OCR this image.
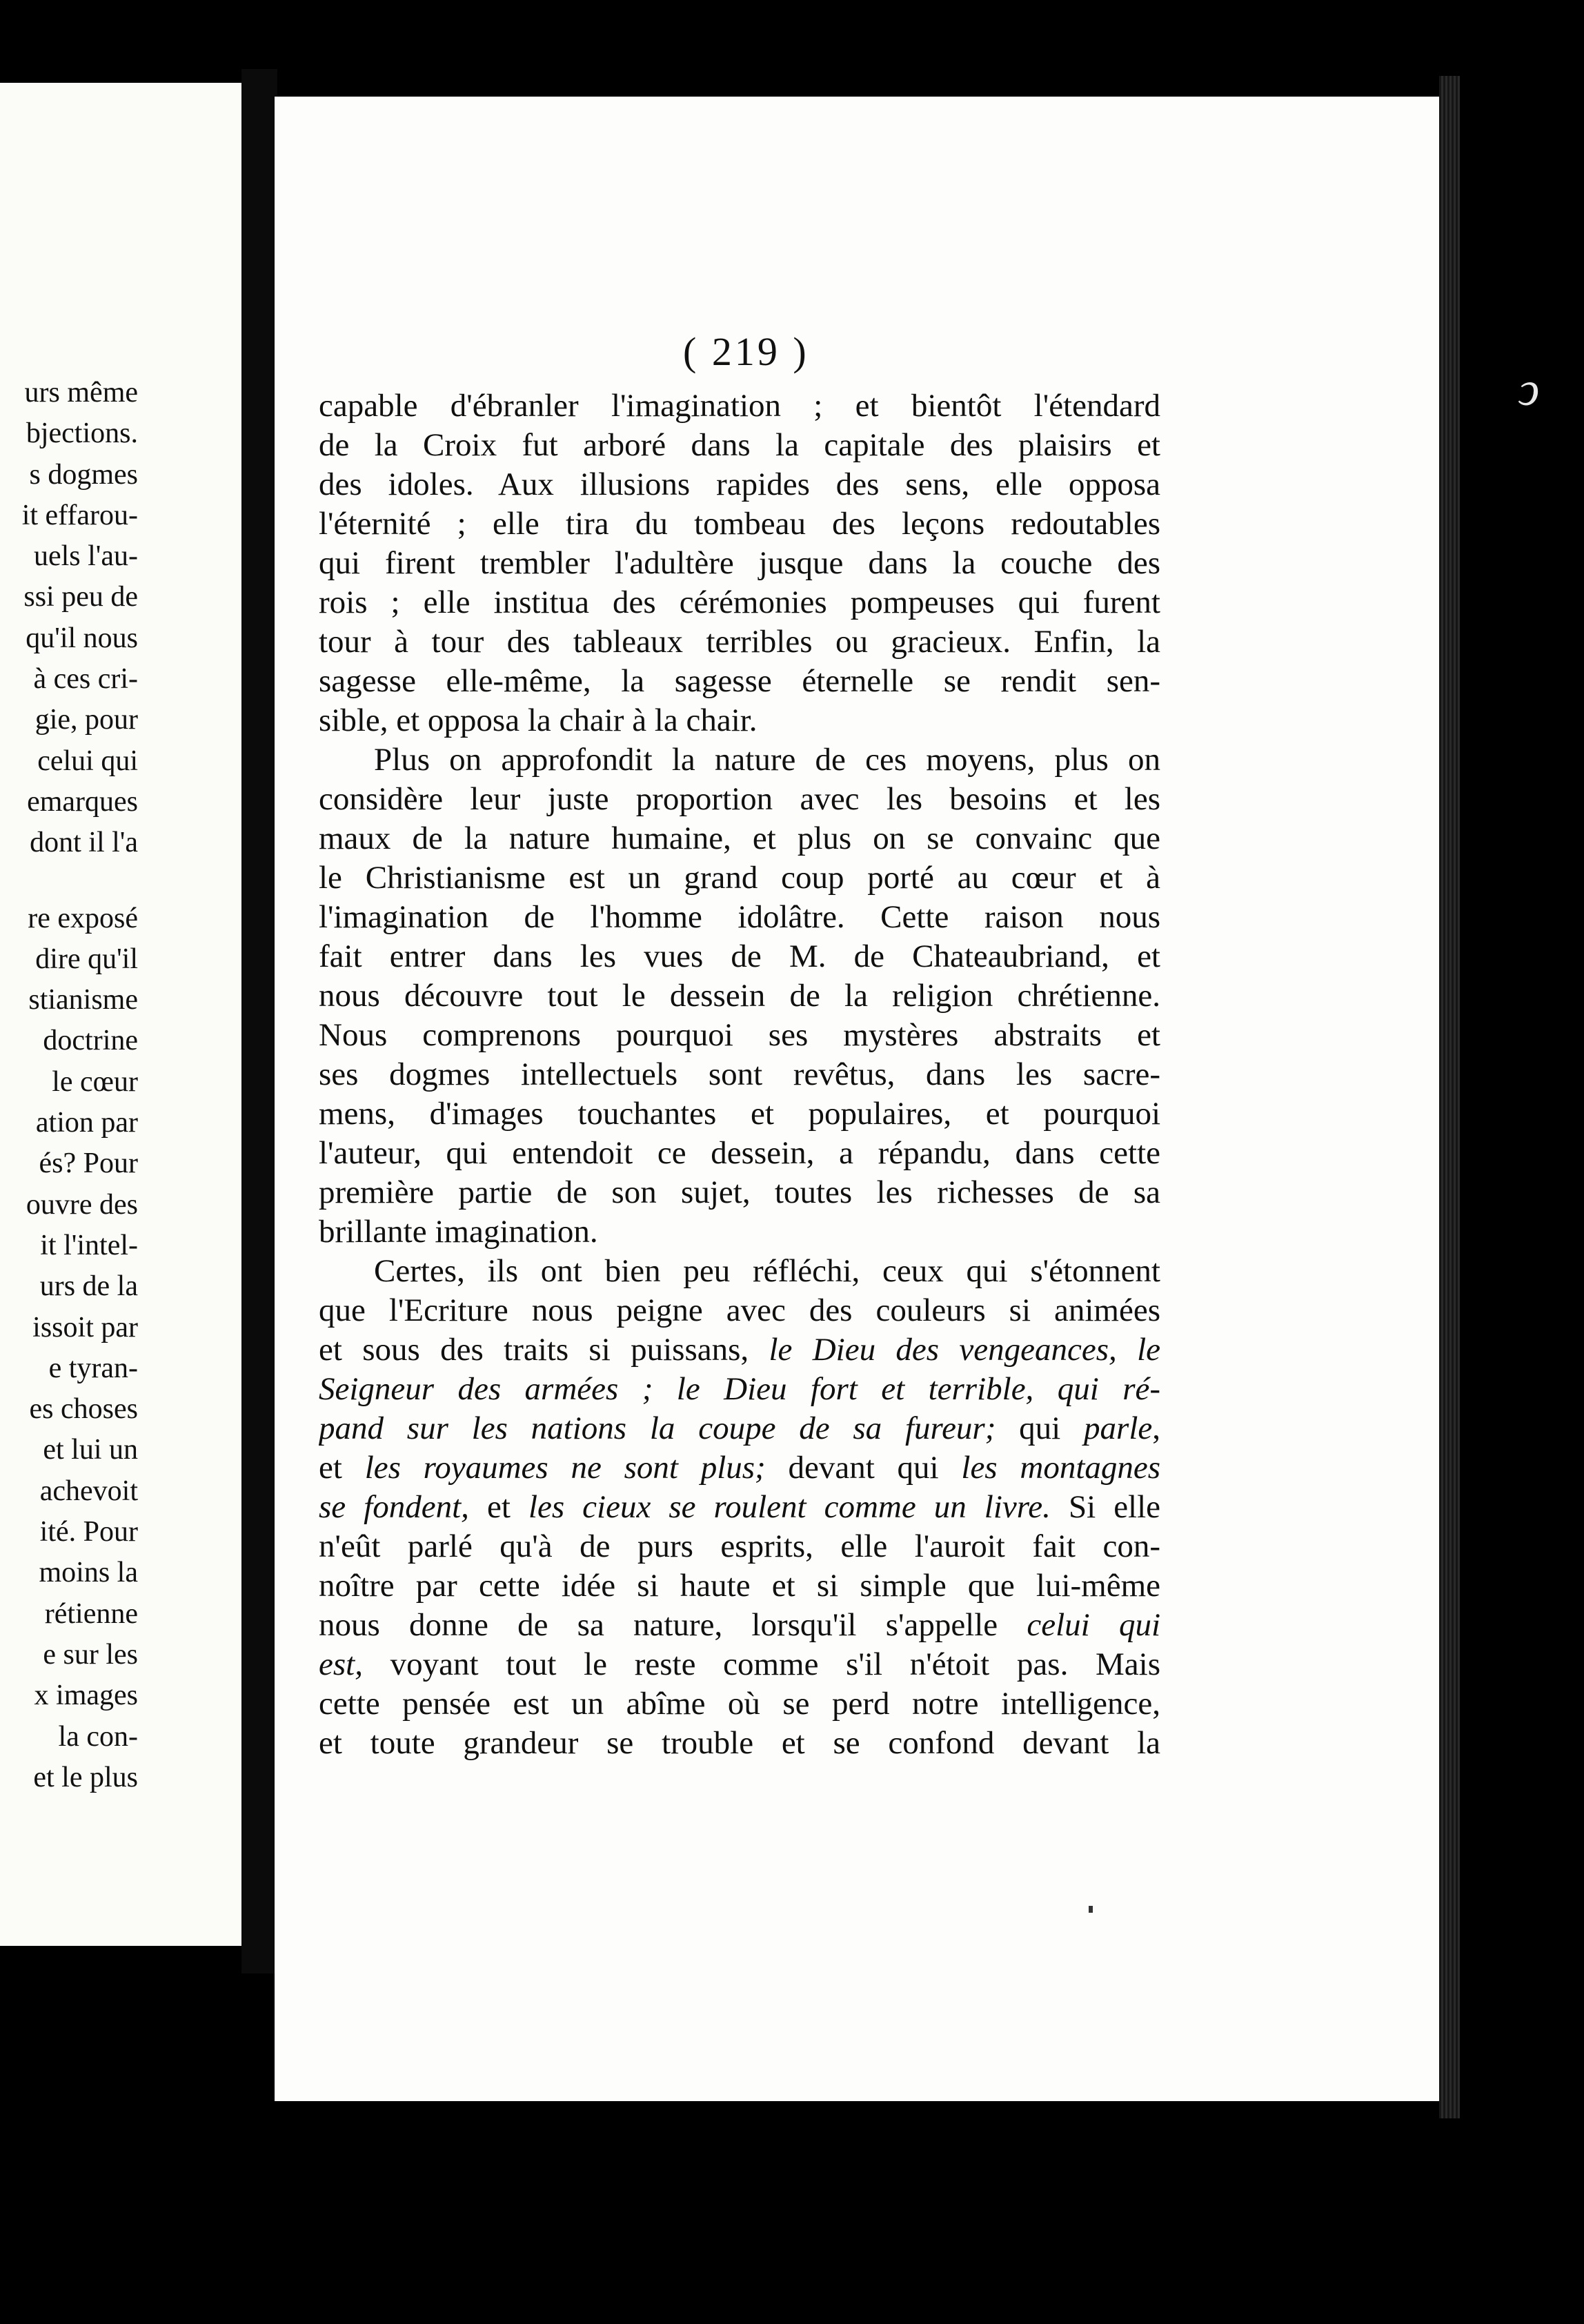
urs même
bjections.
s dogmes
it effarou-
uels l'au-
ssi peu de
qu'il nous
à ces cri-
gie, pour
celui qui
emarques
dont il l'a
re exposé
dire qu'il
stianisme
doctrine
le cœur
ation par
és? Pour
ouvre des
it l'intel-
urs de la
issoit par
e tyran-
es choses
et lui un
achevoit
ité. Pour
moins la
rétienne
e sur les
x images
la con-
et le plus
( 219 )
capable d'ébranler l'imagination ; et bientôt l'étendard
de la Croix fut arboré dans la capitale des plaisirs et
des idoles. Aux illusions rapides des sens, elle opposa
l'éternité ; elle tira du tombeau des leçons redoutables
qui firent trembler l'adultère jusque dans la couche des
rois ; elle institua des cérémonies pompeuses qui furent
tour à tour des tableaux terribles ou gracieux. Enfin, la
sagesse elle-même, la sagesse éternelle se rendit sen-
sible, et opposa la chair à la chair.
Plus on approfondit la nature de ces moyens, plus on
considère leur juste proportion avec les besoins et les
maux de la nature humaine, et plus on se convainc que
le Christianisme est un grand coup porté au cœur et à
l'imagination de l'homme idolâtre. Cette raison nous
fait entrer dans les vues de M. de Chateaubriand, et
nous découvre tout le dessein de la religion chrétienne.
Nous comprenons pourquoi ses mystères abstraits et
ses dogmes intellectuels sont revêtus, dans les sacre-
mens, d'images touchantes et populaires, et pourquoi
l'auteur, qui entendoit ce dessein, a répandu, dans cette
première partie de son sujet, toutes les richesses de sa
brillante imagination.
Certes, ils ont bien peu réfléchi, ceux qui s'étonnent
que l'Ecriture nous peigne avec des couleurs si animées
et sous des traits si puissans, le Dieu des vengeances, le
Seigneur des armées ; le Dieu fort et terrible, qui ré-
pand sur les nations la coupe de sa fureur; qui parle,
et les royaumes ne sont plus; devant qui les montagnes
se fondent, et les cieux se roulent comme un livre. Si elle
n'eût parlé qu'à de purs esprits, elle l'auroit fait con-
noître par cette idée si haute et si simple que lui-même
nous donne de sa nature, lorsqu'il s'appelle celui qui
est, voyant tout le reste comme s'il n'étoit pas. Mais
cette pensée est un abîme où se perd notre intelligence,
et toute grandeur se trouble et se confond devant la
ↄ
